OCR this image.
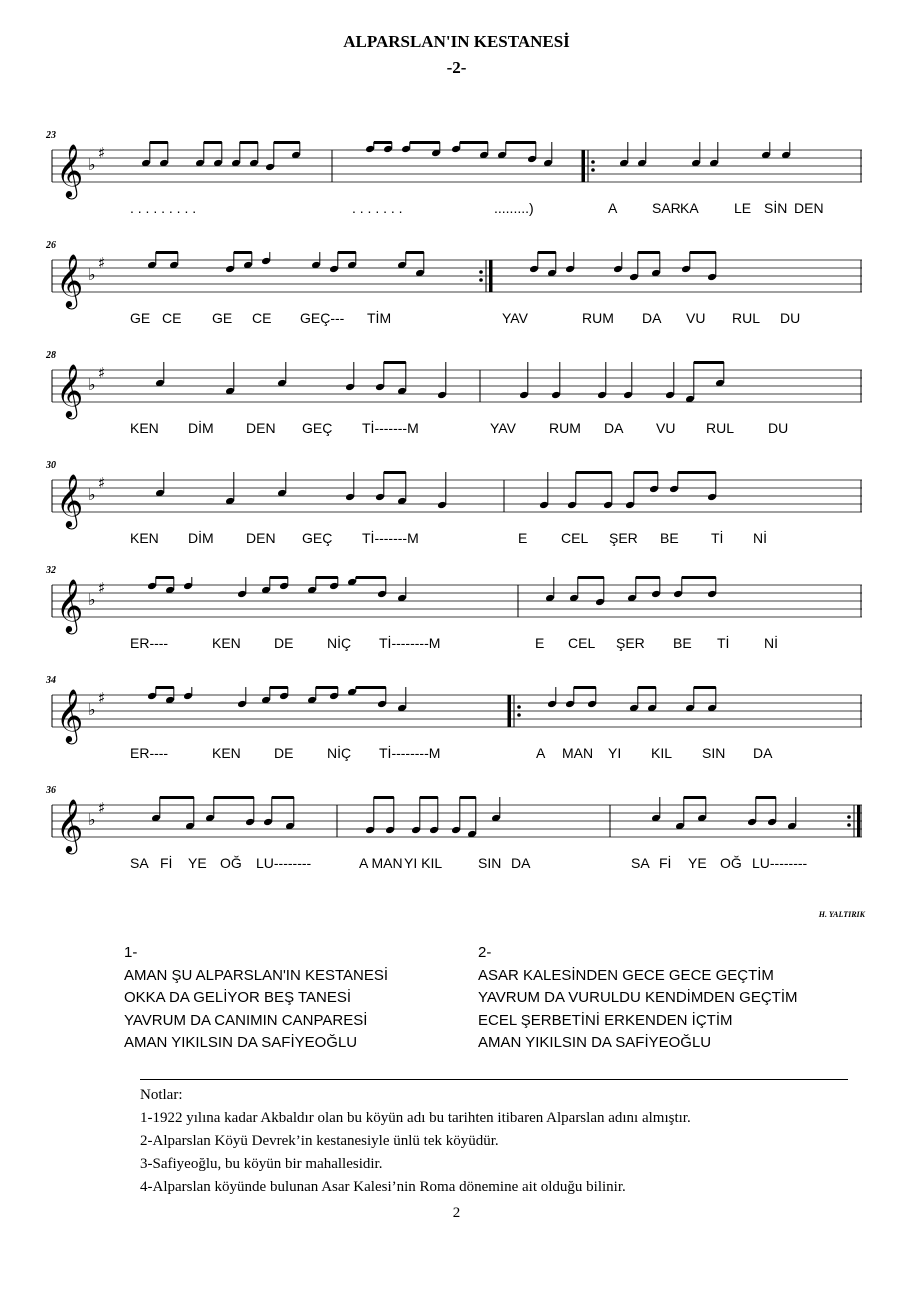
ALPARSLAN'IN KESTANESİ
-2-
23
𝄞 ♭
♯
. . . . . . . . .	. . . . . . .	.........)	A SAR KA	LE SİN DEN
26
𝄞 ♭
♯
GE CE GE CE GEÇ--- TİM	YAV	RUM DA VU RUL DU
28
𝄞 ♭
♯
KEN DİM DEN GEÇ Tİ-------M	YAV RUM DA VU RUL DU
30
𝄞 ♭
♯
KEN DİM DEN GEÇ Tİ-------M	E CEL ŞER BE Tİ Nİ
32
𝄞 ♭
♯
ER----	KEN DE NİÇ Tİ--------M	E CEL ŞER BE Tİ Nİ
34
𝄞 ♭
♯
ER----	KEN DE NİÇ Tİ--------M	A MAN YI KIL SIN DA
36
𝄞 ♭
♯
SA Fİ YE OĞ LU--------	A MAN YI KIL	SIN DA	SA Fİ YE OĞ LU--------
H. YALTIRIK
1-
AMAN ŞU ALPARSLAN'IN KESTANESİ
OKKA DA GELİYOR BEŞ TANESİ
YAVRUM DA CANIMIN CANPARESİ
AMAN YIKILSIN DA SAFİYEOĞLU
2-
ASAR KALESİNDEN GECE GECE GEÇTİM
YAVRUM DA VURULDU KENDİMDEN GEÇTİM
ECEL ŞERBETİNİ ERKENDEN İÇTİM
AMAN YIKILSIN DA SAFİYEOĞLU
Notlar:
1-1922 yılına kadar Akbaldır olan bu köyün adı bu tarihten itibaren Alparslan adını almıştır.
2-Alparslan Köyü Devrek’in kestanesiyle ünlü tek köyüdür.
3-Safiyeoğlu, bu köyün bir mahallesidir.
4-Alparslan köyünde bulunan Asar Kalesi’nin Roma dönemine ait olduğu bilinir.
2
